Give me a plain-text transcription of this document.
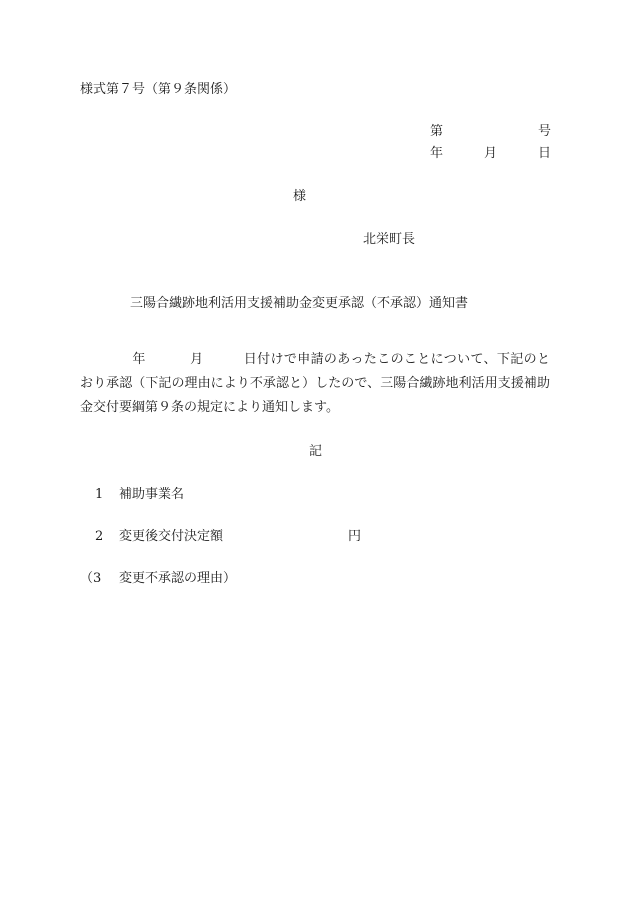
様式第７号（第９条関係）
第	号
年	月	日
様
北栄町長
三陽合繊跡地利活用支援補助金変更承認（不承認）通知書
年	月	日付けで申請のあったこのことについて、下記のとおり承認（下記の理由により不承認と）したので、三陽合繊跡地利活用支援補助金交付要綱第９条の規定により通知します。
記
1 補助事業名
2 変更後交付決定額	円
（3 変更不承認の理由）
